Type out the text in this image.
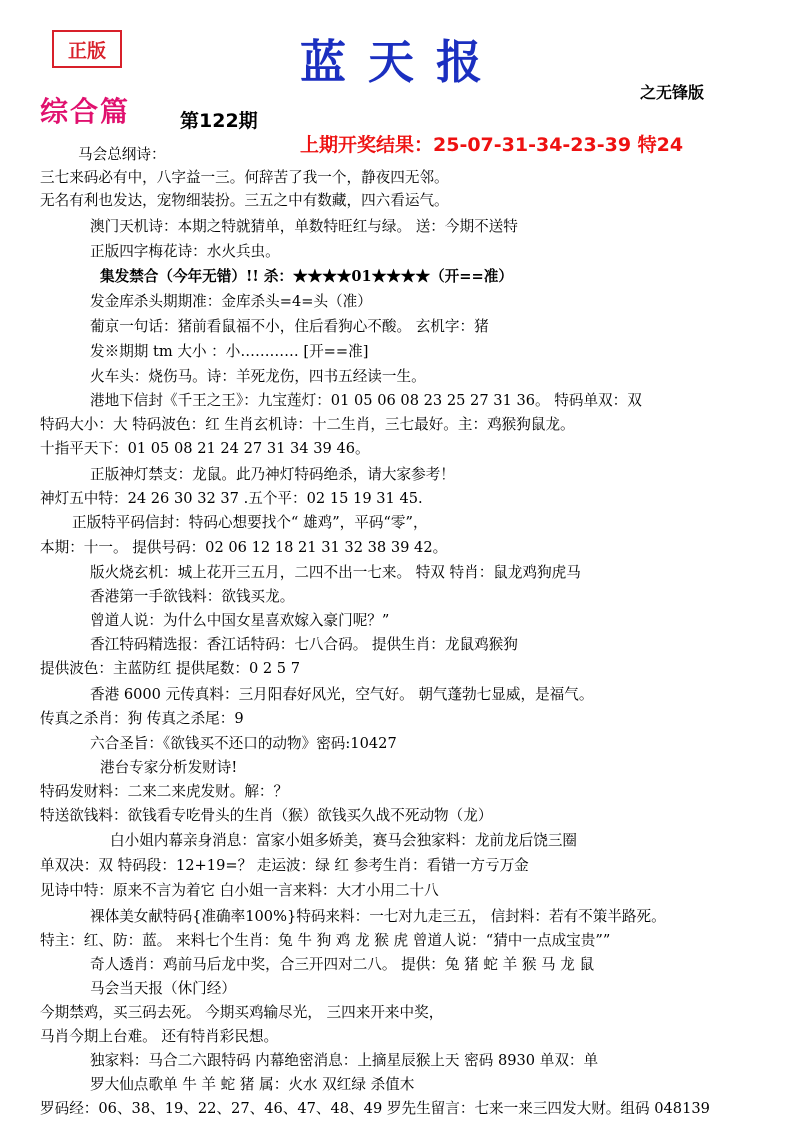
正版	蓝天报
之无锋版
综合篇	第122期
上期开奖结果：25-07-31-34-23-39 特24
马会总纲诗：
三七来码必有中，八字益一三。何辞苦了我一个，静夜四无邻。
无名有利也发达，宠物细装扮。三五之中有数藏，四六看运气。
澳门天机诗：本期之特就猜单，单数特旺红与绿。 送：今期不送特
正版四字梅花诗：水火兵虫。
集发禁合（今年无错）!! 杀：★★★★01★★★★（开==准）
发金库杀头期期准：金库杀头=4=头（准）
葡京一句话：猪前看鼠福不小，住后看狗心不酸。 玄机字：猪
发※期期 tm 大小 ：小………… [开==准]
火车头：烧伤马。诗：羊死龙伤，四书五经读一生。
港地下信封《千王之王》：九宝莲灯：01 05 06 08 23 25 27 31 36。 特码单双：双
特码大小：大 特码波色：红 生肖玄机诗：十二生肖，三七最好。主：鸡猴狗鼠龙。
十指平天下：01 05 08 21 24 27 31 34 39 46。
正版神灯禁支：龙鼠。此乃神灯特码绝杀，请大家参考！
神灯五中特：24 26 30 32 37 .五个平：02 15 19 31 45.
正版特平码信封：特码心想要找个“ 雄鸡”，平码“零”，
本期：十一。 提供号码：02 06 12 18 21 31 32 38 39 42。
版火烧玄机：城上花开三五月，二四不出一七来。 特双 特肖：鼠龙鸡狗虎马
香港第一手欲钱料：欲钱买龙。
曾道人说：为什么中国女星喜欢嫁入豪门呢？”
香江特码精选报：香江话特码：七八合码。 提供生肖：龙鼠鸡猴狗
提供波色：主蓝防红 提供尾数：0 2 5 7
香港 6000 元传真料：三月阳春好风光，空气好。 朝气蓬勃七显威，是福气。
传真之杀肖：狗 传真之杀尾：9
六合圣旨：《欲钱买不还口的动物》密码:10427
港台专家分析发财诗!
特码发财料：二来二来虎发财。解：？
特送欲钱料：欲钱看专吃骨头的生肖（猴）欲钱买久战不死动物（龙）
白小姐内幕亲身消息：富家小姐多娇美，赛马会独家料：龙前龙后饶三圈
单双决：双 特码段：12+19=？ 走运波：绿 红 参考生肖：看错一方亏万金
见诗中特：原来不言为着它 白小姐一言来料：大才小用二十八
裸体美女献特码{准确率100%}特码来料：一七对九走三五， 信封料：若有不策半路死。
特主：红、防：蓝。 来料七个生肖：兔 牛 狗 鸡 龙 猴 虎 曾道人说：“猜中一点成宝贵””
奇人透肖：鸡前马后龙中奖，合三开四对二八。 提供：兔 猪 蛇 羊 猴 马 龙 鼠
马会当天报（休门经）
今期禁鸡，买三码去死。 今期买鸡输尽光， 三四来开来中奖，
马肖今期上台难。 还有特肖彩民想。
独家料：马合二六跟特码 内幕绝密消息：上摘星辰猴上天 密码 8930 单双：单
罗大仙点歌单 牛 羊 蛇 猪 属：火水 双红绿 杀值木
罗码经：06、38、19、22、27、46、47、48、49 罗先生留言：七来一来三四发大财。组码 048139
